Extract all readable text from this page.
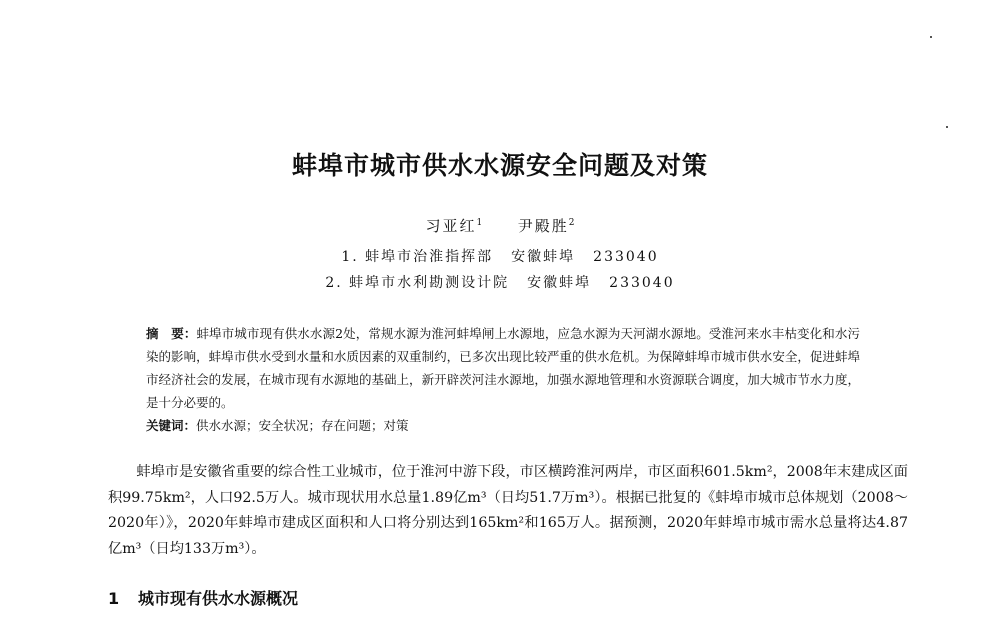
蚌埠市城市供水水源安全问题及对策
习亚红$^1$ 尹殿胜$^2$
1. 蚌埠市治淮指挥部 安徽蚌埠 233040
2. 蚌埠市水利勘测设计院 安徽蚌埠 233040
摘　要：蚌埠市城市现有供水水源2处，常规水源为淮河蚌埠闸上水源地，应急水源为天河湖水源地。受淮河来水丰枯变化和水污染的影响，蚌埠市供水受到水量和水质因素的双重制约，已多次出现比较严重的供水危机。为保障蚌埠市城市供水安全，促进蚌埠市经济社会的发展，在城市现有水源地的基础上，新开辟茨河洼水源地，加强水源地管理和水资源联合调度，加大城市节水力度，是十分必要的。
关键词：供水水源；安全状况；存在问题；对策
蚌埠市是安徽省重要的综合性工业城市，位于淮河中游下段，市区横跨淮河两岸，市区面积601.5km²，2008年末建成区面积99.75km²，人口92.5万人。城市现状用水总量1.89亿m³（日均51.7万m³）。根据已批复的《蚌埠市城市总体规划（2008～2020年）》，2020年蚌埠市建成区面积和人口将分别达到165km²和165万人。据预测，2020年蚌埠市城市需水总量将达4.87亿m³（日均133万m³）。
1 城市现有供水水源概况
